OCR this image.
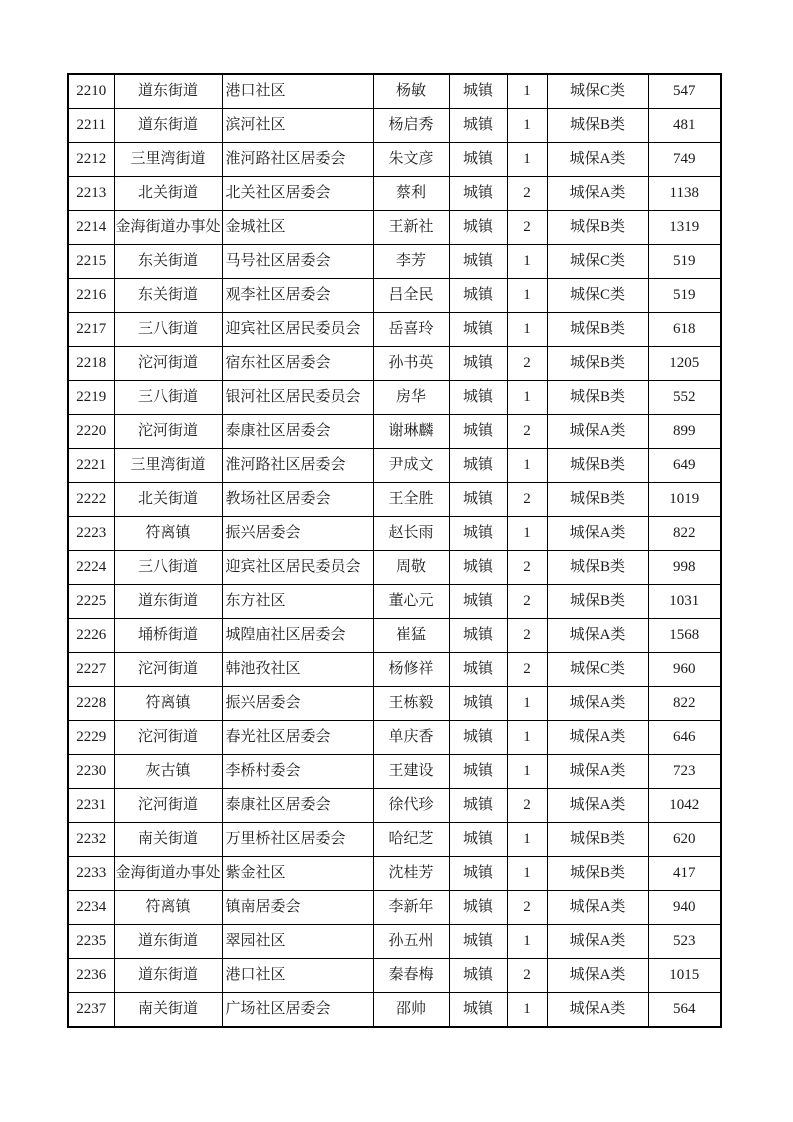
2210	道东街道	港口社区	杨敏	城镇	1	城保C类	547
2211	道东街道	滨河社区	杨启秀	城镇	1	城保B类	481
2212	三里湾街道	淮河路社区居委会	朱文彦	城镇	1	城保A类	749
2213	北关街道	北关社区居委会	蔡利	城镇	2	城保A类	1138
2214	金海街道办事处	金城社区	王新社	城镇	2	城保B类	1319
2215	东关街道	马号社区居委会	李芳	城镇	1	城保C类	519
2216	东关街道	观李社区居委会	吕全民	城镇	1	城保C类	519
2217	三八街道	迎宾社区居民委员会	岳喜玲	城镇	1	城保B类	618
2218	沱河街道	宿东社区居委会	孙书英	城镇	2	城保B类	1205
2219	三八街道	银河社区居民委员会	房华	城镇	1	城保B类	552
2220	沱河街道	泰康社区居委会	谢琳麟	城镇	2	城保A类	899
2221	三里湾街道	淮河路社区居委会	尹成文	城镇	1	城保B类	649
2222	北关街道	教场社区居委会	王全胜	城镇	2	城保B类	1019
2223	符离镇	振兴居委会	赵长雨	城镇	1	城保A类	822
2224	三八街道	迎宾社区居民委员会	周敬	城镇	2	城保B类	998
2225	道东街道	东方社区	董心元	城镇	2	城保B类	1031
2226	埇桥街道	城隍庙社区居委会	崔猛	城镇	2	城保A类	1568
2227	沱河街道	韩池孜社区	杨修祥	城镇	2	城保C类	960
2228	符离镇	振兴居委会	王栋毅	城镇	1	城保A类	822
2229	沱河街道	春光社区居委会	单庆香	城镇	1	城保A类	646
2230	灰古镇	李桥村委会	王建设	城镇	1	城保A类	723
2231	沱河街道	泰康社区居委会	徐代珍	城镇	2	城保A类	1042
2232	南关街道	万里桥社区居委会	哈纪芝	城镇	1	城保B类	620
2233	金海街道办事处	紫金社区	沈桂芳	城镇	1	城保B类	417
2234	符离镇	镇南居委会	李新年	城镇	2	城保A类	940
2235	道东街道	翠园社区	孙五州	城镇	1	城保A类	523
2236	道东街道	港口社区	秦春梅	城镇	2	城保A类	1015
2237	南关街道	广场社区居委会	邵帅	城镇	1	城保A类	564
